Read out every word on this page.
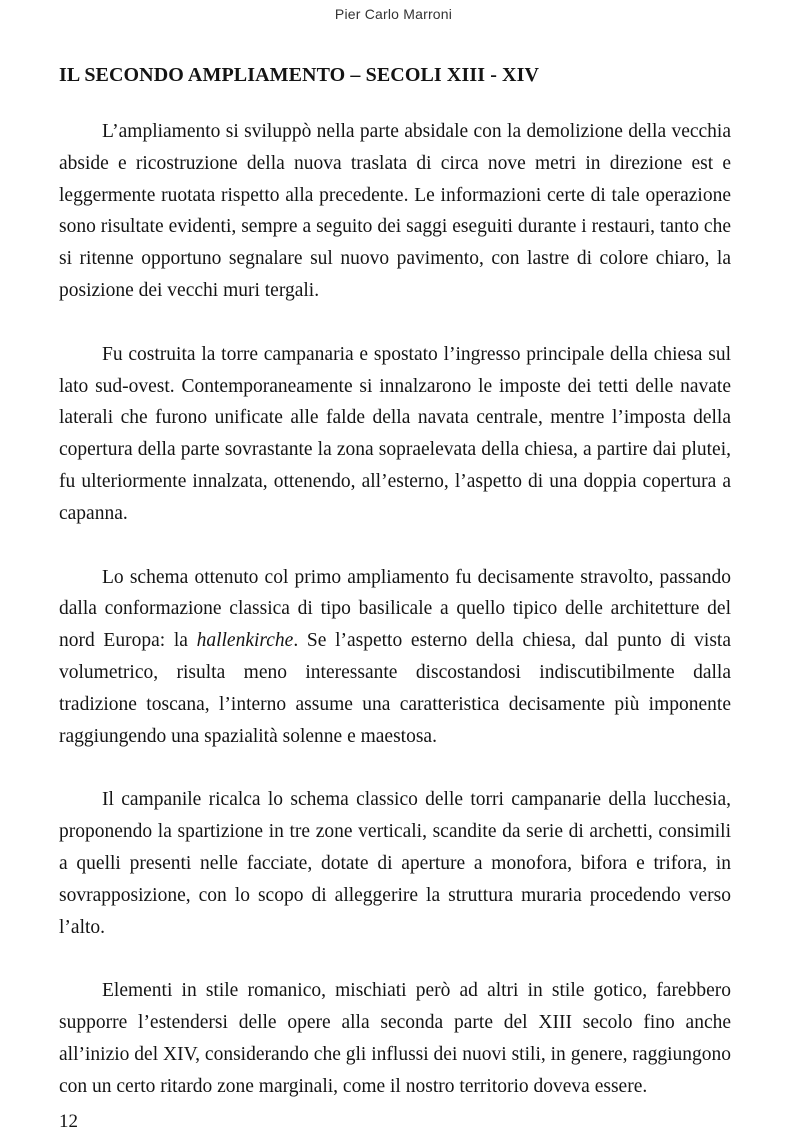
Pier Carlo Marroni
IL SECONDO AMPLIAMENTO – SECOLI XIII - XIV

L’ampliamento si sviluppò nella parte absidale con la demolizione della vecchia abside e ricostruzione della nuova traslata di circa nove metri in direzione est e leggermente ruotata rispetto alla precedente. Le informazioni certe di tale operazione sono risultate evidenti, sempre a seguito dei saggi eseguiti durante i restauri, tanto che si ritenne opportuno segnalare sul nuovo pavimento, con lastre di colore chiaro, la posizione dei vecchi muri tergali.

Fu costruita la torre campanaria e spostato l’ingresso principale della chiesa sul lato sud-ovest. Contemporaneamente si innalzarono le imposte dei tetti delle navate laterali che furono unificate alle falde della navata centrale, mentre l’imposta della copertura della parte sovrastante la zona sopraelevata della chiesa, a partire dai plutei, fu ulteriormente innalzata, ottenendo, all’esterno, l’aspetto di una doppia copertura a capanna.

Lo schema ottenuto col primo ampliamento fu decisamente stravolto, passando dalla conformazione classica di tipo basilicale a quello tipico delle architetture del nord Europa: la hallenkirche. Se l’aspetto esterno della chiesa, dal punto di vista volumetrico, risulta meno interessante discostandosi indiscutibilmente dalla tradizione toscana, l’interno assume una caratteristica decisamente più imponente raggiungendo una spazialità solenne e maestosa.

Il campanile ricalca lo schema classico delle torri campanarie della lucchesia, proponendo la spartizione in tre zone verticali, scandite da serie di archetti, consimili a quelli presenti nelle facciate, dotate di aperture a monofora, bifora e trifora, in sovrapposizione, con lo scopo di alleggerire la struttura muraria procedendo verso l’alto.

Elementi in stile romanico, mischiati però ad altri in stile gotico, farebbero supporre l’estendersi delle opere alla seconda parte del XIII secolo fino anche all’inizio del XIV, considerando che gli influssi dei nuovi stili, in genere, raggiungono con un certo ritardo zone marginali, come il nostro territorio doveva essere.

12
